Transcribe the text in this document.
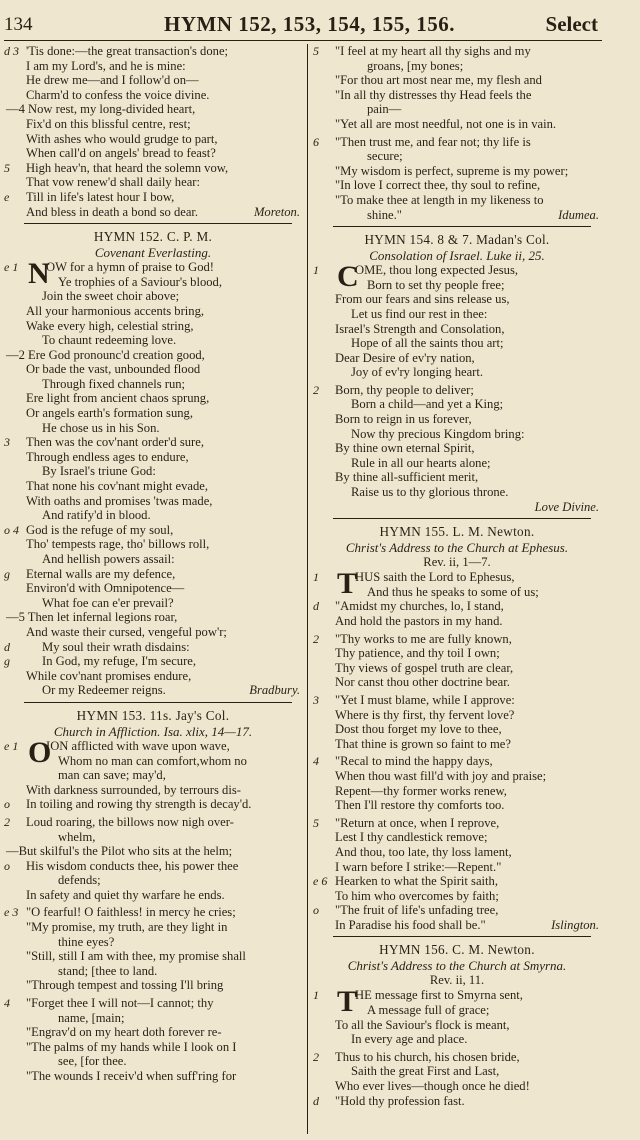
134	HYMN 152, 153, 154, 155, 156.	Select
d 3 'Tis done:—the great transaction's done;
I am my Lord's, and he is mine:
He drew me—and I follow'd on—
Charm'd to confess the voice divine.
—4 Now rest, my long-divided heart,
Fix'd on this blissful centre, rest;
With ashes who would grudge to part,
When call'd on angels' bread to feast?
5	High heav'n, that heard the solemn vow,
That vow renew'd shall daily hear:
e	Till in life's latest hour I bow,
And bless in death a bond so dear.	Moreton.
HYMN 152. C. P. M.
Covenant Everlasting.
e 1 N
OW for a hymn of praise to God!
Ye trophies of a Saviour's blood,
Join the sweet choir above;
All your harmonious accents bring,
Wake every high, celestial string,
To chaunt redeeming love.
—2 Ere God pronounc'd creation good,
Or bade the vast, unbounded flood
Through fixed channels run;
Ere light from ancient chaos sprung,
Or angels earth's formation sung,
He chose us in his Son.
3	Then was the cov'nant order'd sure,
Through endless ages to endure,
By Israel's triune God:
That none his cov'nant might evade,
With oaths and promises 'twas made,
And ratify'd in blood.
o 4 God is the refuge of my soul,
Tho' tempests rage, tho' billows roll,
And hellish powers assail:
g	Eternal walls are my defence,
Environ'd with Omnipotence—
What foe can e'er prevail?
—5 Then let infernal legions roar,
And waste their cursed, vengeful pow'r;
d	My soul their wrath disdains:
g	In God, my refuge, I'm secure,
While cov'nant promises endure,
Or my Redeemer reigns.	Bradbury.
HYMN 153. 11s. Jay's Col.
Church in Affliction. Isa. xlix, 14—17.
e 1 O
ION afflicted with wave upon wave,
Whom no man can comfort,whom no
man can save; may'd,
With darkness surrounded, by terrours dis-
o	In toiling and rowing thy strength is decay'd.
2	Loud roaring, the billows now nigh over-
whelm,
—But skilful's the Pilot who sits at the helm;
o	His wisdom conducts thee, his power thee
defends;
In safety and quiet thy warfare he ends.
e 3 "O fearful! O faithless! in mercy he cries;
"My promise, my truth, are they light in
thine eyes?
"Still, still I am with thee, my promise shall
stand; [thee to land.
"Through tempest and tossing I'll bring
4	"Forget thee I will not—I cannot; thy
name, [main;
"Engrav'd on my heart doth forever re-
"The palms of my hands while I look on I
see, [for thee.
"The wounds I receiv'd when suff'ring for
5	"I feel at my heart all thy sighs and my
groans, [my bones;
"For thou art most near me, my flesh and
"In all thy distresses thy Head feels the
pain—
"Yet all are most needful, not one is in vain.
6	"Then trust me, and fear not; thy life is
secure;
"My wisdom is perfect, supreme is my power;
"In love I correct thee, thy soul to refine,
"To make thee at length in my likeness to
shine."	Idumea.
HYMN 154. 8 & 7. Madan's Col.
Consolation of Israel. Luke ii, 25.
1 C
OME, thou long expected Jesus,
Born to set thy people free;
From our fears and sins release us,
Let us find our rest in thee:
Israel's Strength and Consolation,
Hope of all the saints thou art;
Dear Desire of ev'ry nation,
Joy of ev'ry longing heart.
2	Born, thy people to deliver;
Born a child—and yet a King;
Born to reign in us forever,
Now thy precious Kingdom bring:
By thine own eternal Spirit,
Rule in all our hearts alone;
By thine all-sufficient merit,
Raise us to thy glorious throne.
Love Divine.
HYMN 155. L. M. Newton.
Christ's Address to the Church at Ephesus.
Rev. ii, 1—7.
1 T
HUS saith the Lord to Ephesus,
And thus he speaks to some of us;
d	"Amidst my churches, lo, I stand,
And hold the pastors in my hand.
2	"Thy works to me are fully known,
Thy patience, and thy toil I own;
Thy views of gospel truth are clear,
Nor canst thou other doctrine bear.
3	"Yet I must blame, while I approve:
Where is thy first, thy fervent love?
Dost thou forget my love to thee,
That thine is grown so faint to me?
4	"Recal to mind the happy days,
When thou wast fill'd with joy and praise;
Repent—thy former works renew,
Then I'll restore thy comforts too.
5	"Return at once, when I reprove,
Lest I thy candlestick remove;
And thou, too late, thy loss lament,
I warn before I strike:—Repent."
e 6 Hearken to what the Spirit saith,
To him who overcomes by faith;
o	"The fruit of life's unfading tree,
In Paradise his food shall be."	Islington.
HYMN 156. C. M. Newton.
Christ's Address to the Church at Smyrna.
Rev. ii, 11.
1 T
HE message first to Smyrna sent,
A message full of grace;
To all the Saviour's flock is meant,
In every age and place.
2	Thus to his church, his chosen bride,
Saith the great First and Last,
Who ever lives—though once he died!
d	"Hold thy profession fast.
